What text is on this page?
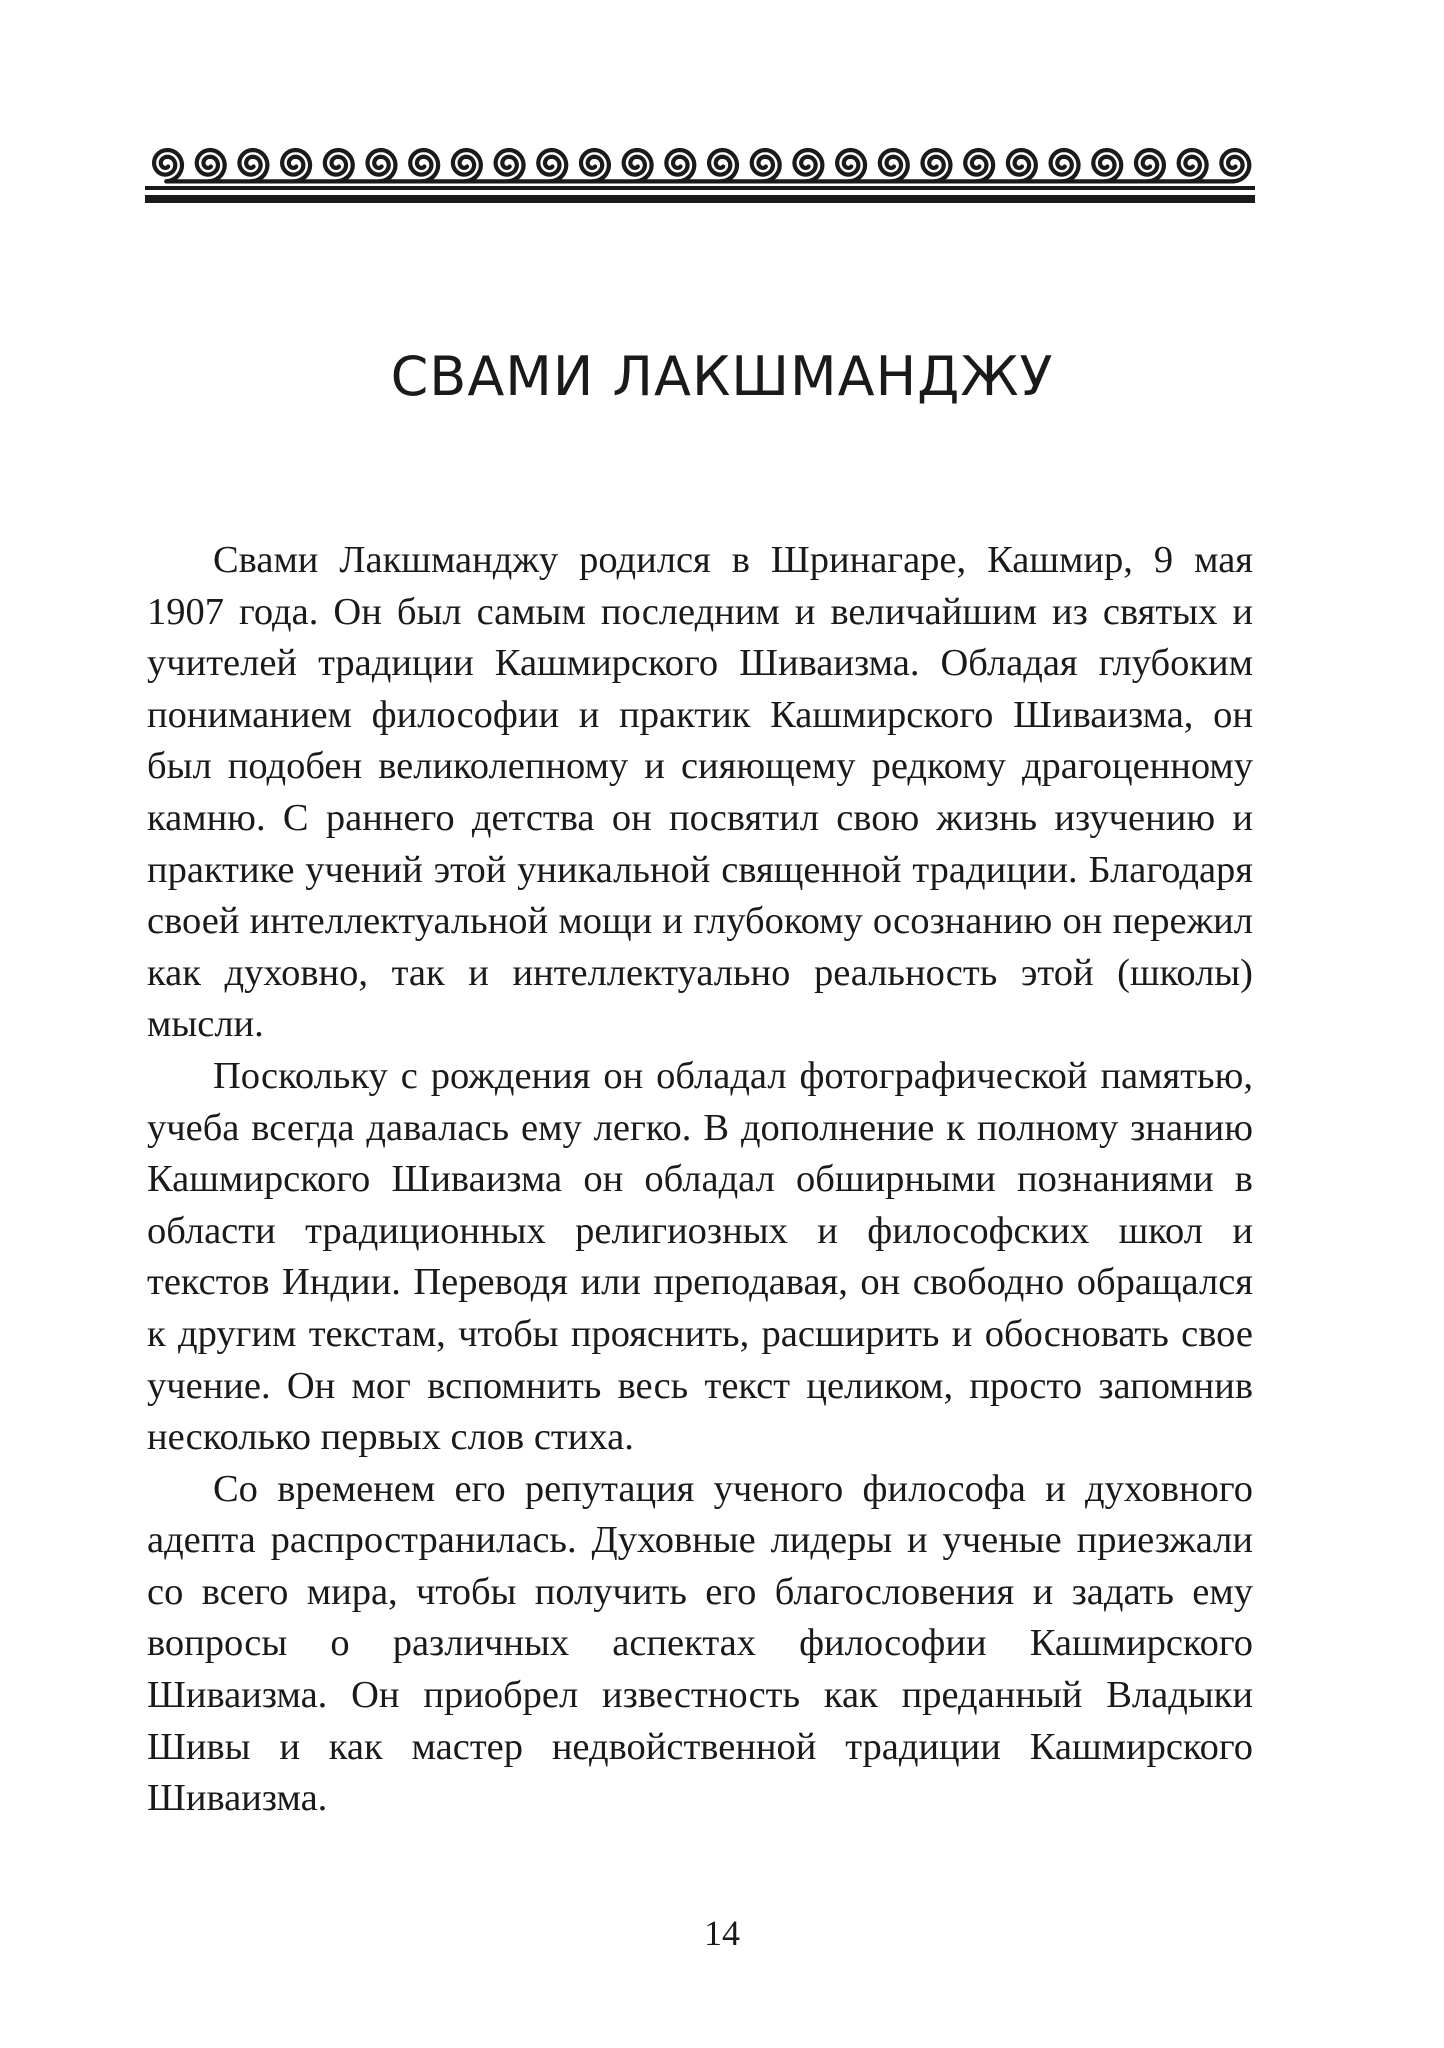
СВАМИ ЛАКШМАНДЖУ

Свами Лакшманджу родился в Шринагаре, Кашмир, 9 мая 1907 года. Он был самым последним и величайшим из святых и учителей традиции Кашмирского Шиваизма. Обладая глубоким пониманием философии и практик Кашмирского Шиваизма, он был подобен великолепному и сияющему редкому драгоценному камню. С раннего детства он посвятил свою жизнь изучению и практике учений этой уникальной священной традиции. Благодаря своей интеллектуальной мощи и глубокому осознанию он пережил как духовно, так и интеллектуально реальность этой (школы) мысли.

Поскольку с рождения он обладал фотографической памятью, учеба всегда давалась ему легко. В дополнение к полному знанию Кашмирского Шиваизма он обладал обширными познаниями в области традиционных религиозных и философских школ и текстов Индии. Переводя или преподавая, он свободно обращался к другим текстам, чтобы прояснить, расширить и обосновать свое учение. Он мог вспомнить весь текст целиком, просто запомнив несколько первых слов стиха.

Со временем его репутация ученого философа и духовного адепта распространилась. Духовные лидеры и ученые приезжали со всего мира, чтобы получить его благословения и задать ему вопросы о различных аспектах философии Кашмирского Шиваизма. Он приобрел известность как преданный Владыки Шивы и как мастер недвойственной традиции Кашмирского Шиваизма.

14
